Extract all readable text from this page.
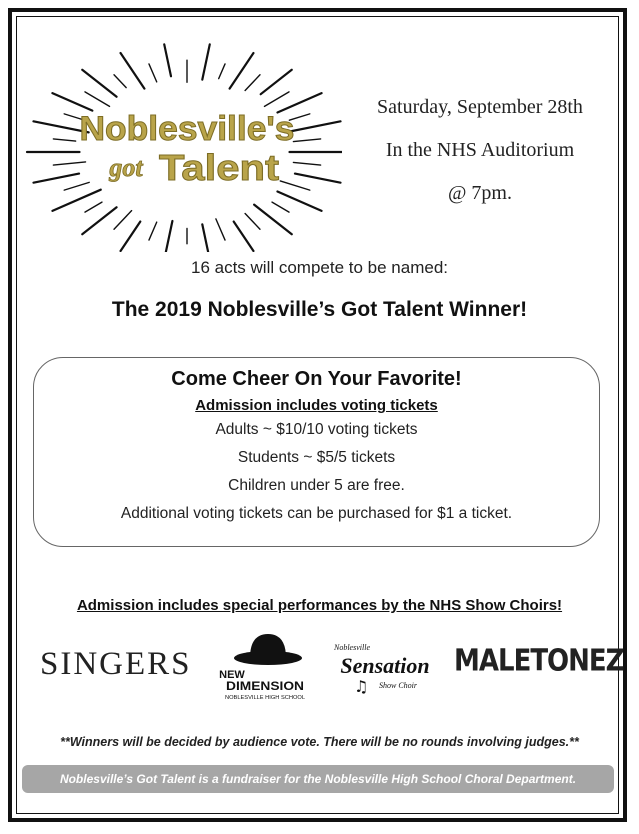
Noblesville's
got Talent
Saturday, September 28th
In the NHS Auditorium
@ 7pm.
16 acts will compete to be named:
The 2019 Noblesville’s Got Talent Winner!
Come Cheer On Your Favorite!
Admission includes voting tickets
Adults ~ $10/10 voting tickets
Students ~ $5/5 tickets
Children under 5 are free.
Additional voting tickets can be purchased for $1 a ticket.
Admission includes special performances by the NHS Show Choirs!
SINGERS	NEW
DIMENSION
NOBLESVILLE HIGH SCHOOL
Noblesville
Sensation
Show Choir
♫
MALETONEZ
**Winners will be decided by audience vote. There will be no rounds involving judges.**
Noblesville’s Got Talent is a fundraiser for the Noblesville High School Choral Department.
